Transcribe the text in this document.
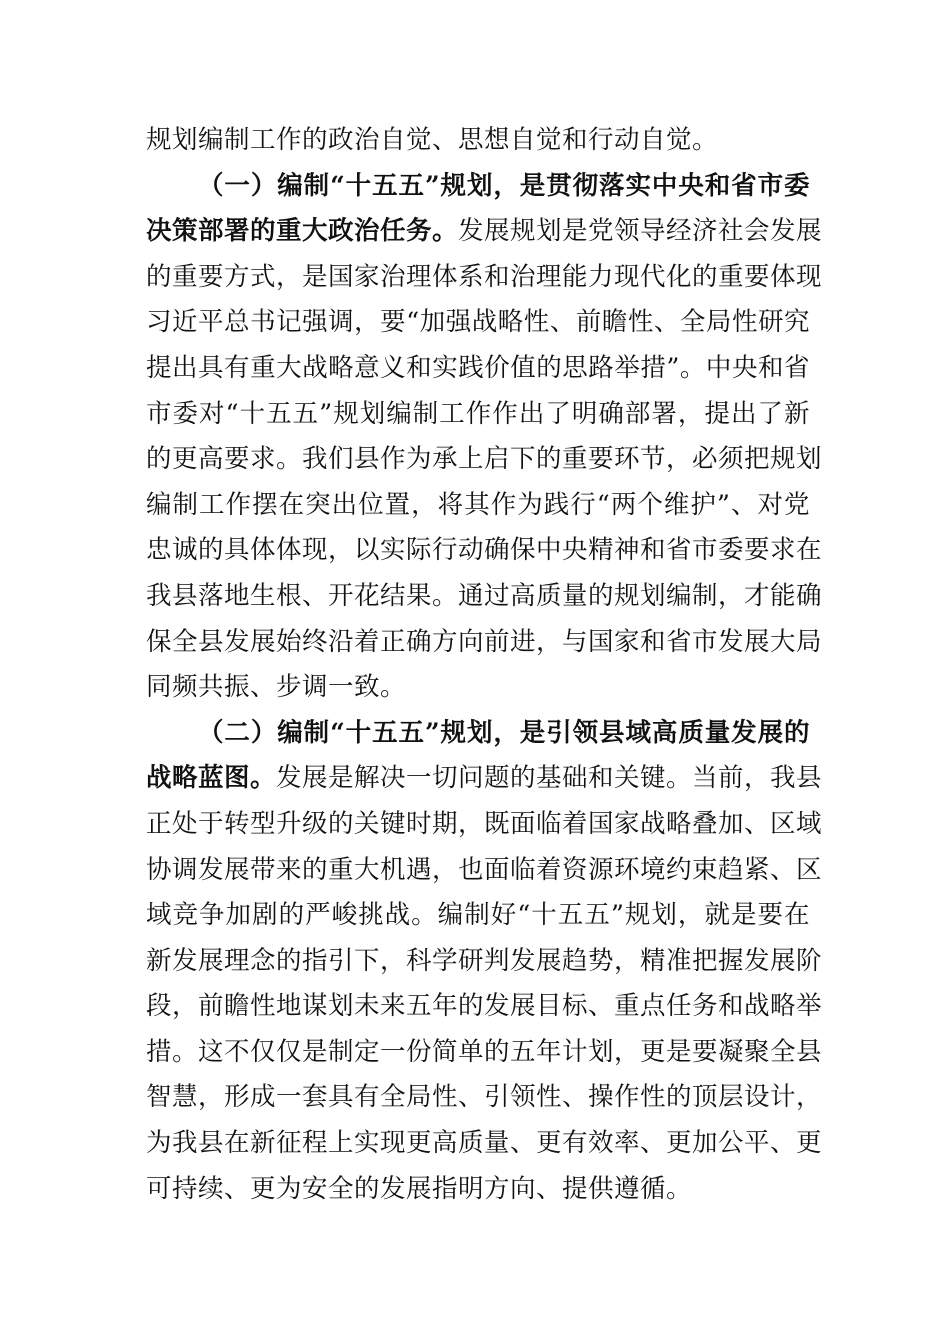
规划编制工作的政治自觉、思想自觉和行动自觉。
（一）编制“十五五”规划，是贯彻落实中央和省市委
决策部署的重大政治任务。发展规划是党领导经济社会发展
的重要方式，是国家治理体系和治理能力现代化的重要体现
习近平总书记强调，要“加强战略性、前瞻性、全局性研究
提出具有重大战略意义和实践价值的思路举措”。中央和省
市委对“十五五”规划编制工作作出了明确部署，提出了新
的更高要求。我们县作为承上启下的重要环节，必须把规划
编制工作摆在突出位置，将其作为践行“两个维护”、对党
忠诚的具体体现，以实际行动确保中央精神和省市委要求在
我县落地生根、开花结果。通过高质量的规划编制，才能确
保全县发展始终沿着正确方向前进，与国家和省市发展大局
同频共振、步调一致。
（二）编制“十五五”规划，是引领县域高质量发展的
战略蓝图。发展是解决一切问题的基础和关键。当前，我县
正处于转型升级的关键时期，既面临着国家战略叠加、区域
协调发展带来的重大机遇，也面临着资源环境约束趋紧、区
域竞争加剧的严峻挑战。编制好“十五五”规划，就是要在
新发展理念的指引下，科学研判发展趋势，精准把握发展阶
段，前瞻性地谋划未来五年的发展目标、重点任务和战略举
措。这不仅仅是制定一份简单的五年计划，更是要凝聚全县
智慧，形成一套具有全局性、引领性、操作性的顶层设计，
为我县在新征程上实现更高质量、更有效率、更加公平、更
可持续、更为安全的发展指明方向、提供遵循。
